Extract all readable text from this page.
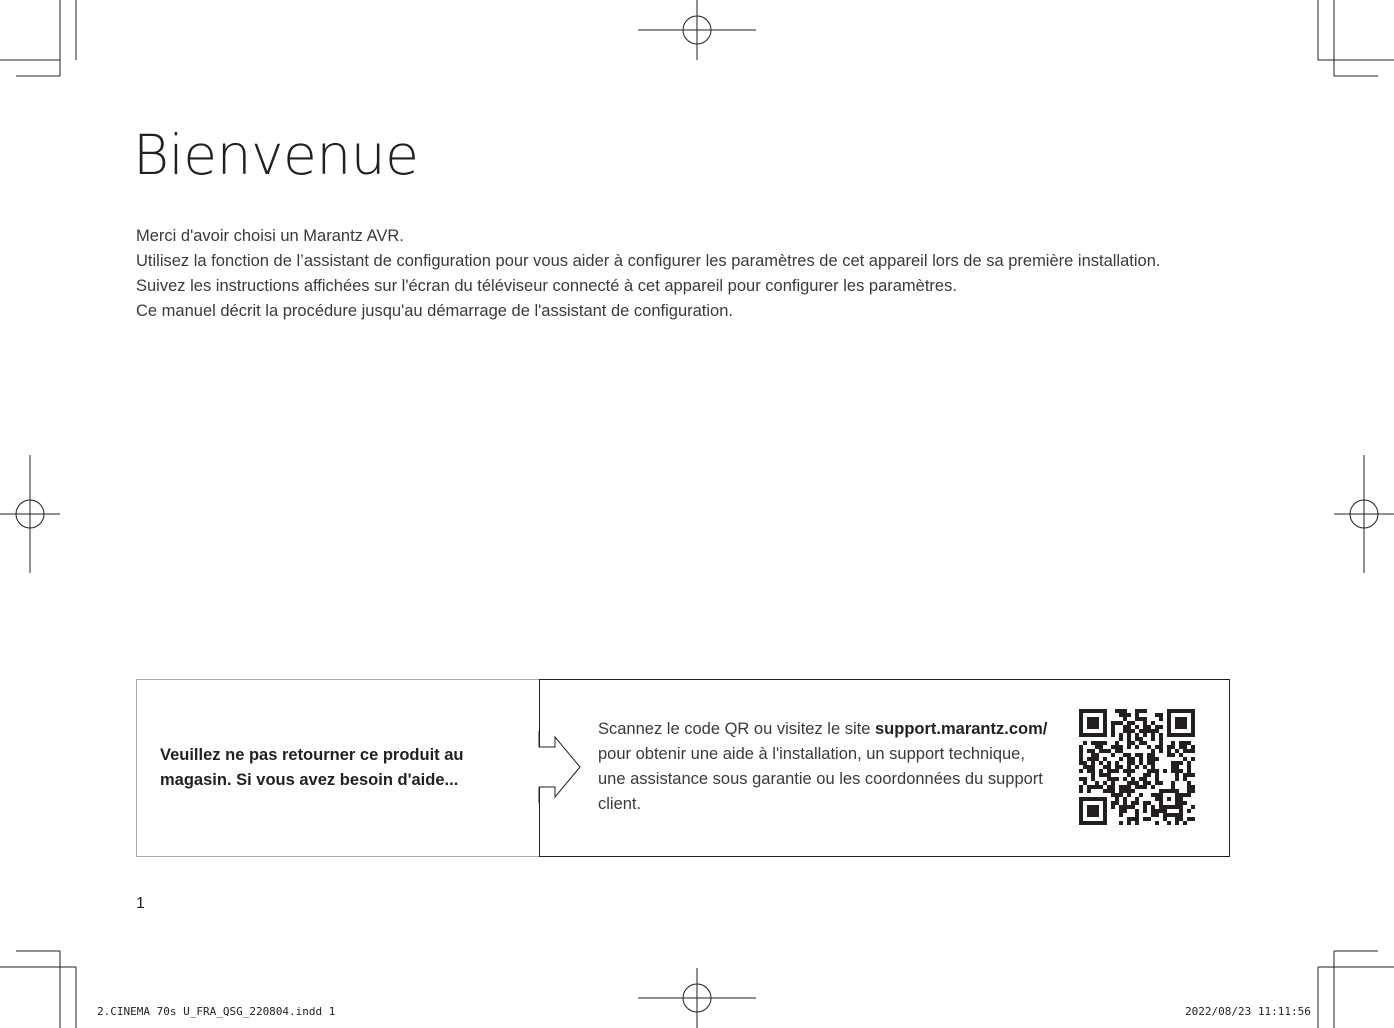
Bienvenue

Merci d'avoir choisi un Marantz AVR.

Utilisez la fonction de l’assistant de configuration pour vous aider à configurer les paramètres de cet appareil lors de sa première installation.

Suivez les instructions affichées sur l'écran du téléviseur connecté à cet appareil pour configurer les paramètres.

Ce manuel décrit la procédure jusqu'au démarrage de l'assistant de configuration.

Veuillez ne pas retourner ce produit au
magasin. Si vous avez besoin d'aide...
Scannez le code QR ou visitez le site support.marantz.com/
pour obtenir une aide à l'installation, un support technique,
une assistance sous garantie ou les coordonnées du support
client.
1
2.CINEMA 70s U_FRA_QSG_220804.indd 1	2022/08/23 11:11:56
